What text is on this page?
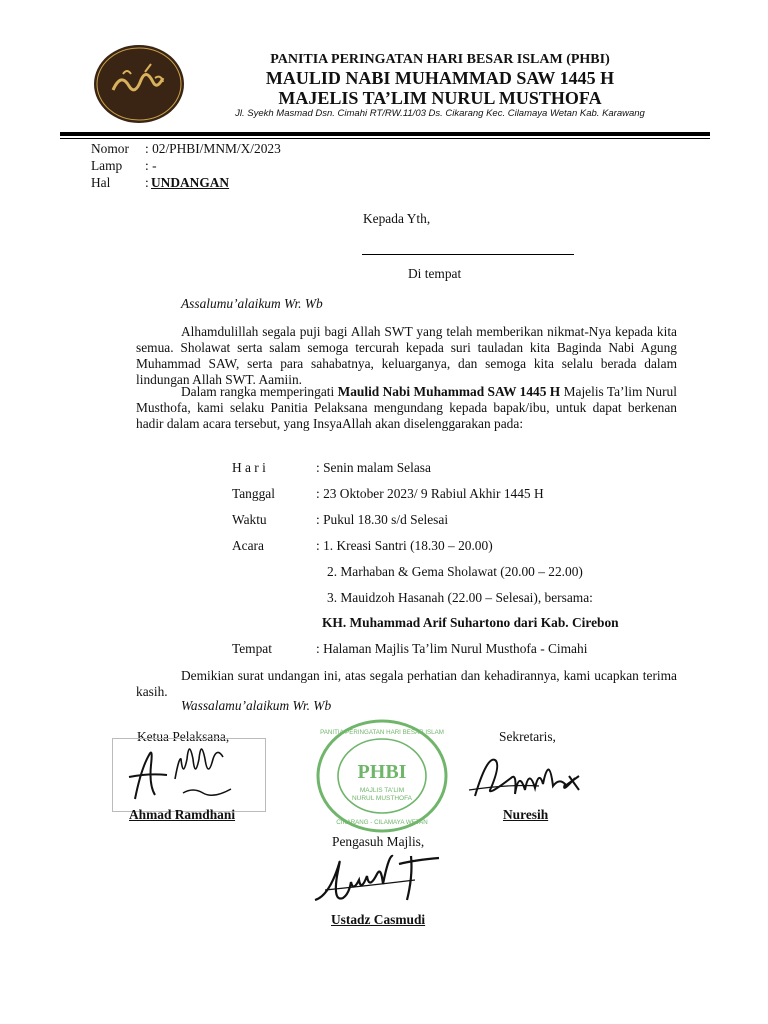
PANITIA PERINGATAN HARI BESAR ISLAM (PHBI)
MAULID NABI MUHAMMAD SAW 1445 H
MAJELIS TA’LIM NURUL MUSTHOFA
Jl. Syekh Masmad Dsn. Cimahi RT/RW.11/03 Ds. Cikarang Kec. Cilamaya Wetan Kab. Karawang
Nomor : 02/PHBI/MNM/X/2023
Lamp : -
Hal	: UNDANGAN
Kepada Yth,
Di tempat
Assalumu’alaikum Wr. Wb
Alhamdulillah segala puji bagi Allah SWT yang telah memberikan nikmat-Nya kepada kita semua. Sholawat serta salam semoga tercurah kepada suri tauladan kita Baginda Nabi Agung Muhammad SAW, serta para sahabatnya, keluarganya, dan semoga kita selalu berada dalam lindungan Allah SWT. Aamiin.
Dalam rangka memperingati Maulid Nabi Muhammad SAW 1445 H Majelis Ta’lim Nurul Musthofa, kami selaku Panitia Pelaksana mengundang kepada bapak/ibu, untuk dapat berkenan hadir dalam acara tersebut, yang InsyaAllah akan diselenggarakan pada:
H a r i	: Senin malam Selasa
Tanggal	: 23 Oktober 2023/ 9 Rabiul Akhir 1445 H
Waktu	: Pukul 18.30 s/d Selesai
Acara	: 1. Kreasi Santri (18.30 – 20.00)
2. Marhaban & Gema Sholawat (20.00 – 22.00)
3. Mauidzoh Hasanah (22.00 – Selesai), bersama:
KH. Muhammad Arif Suhartono dari Kab. Cirebon
Tempat	: Halaman Majlis Ta’lim Nurul Musthofa - Cimahi
Demikian surat undangan ini, atas segala perhatian dan kehadirannya, kami ucapkan terima kasih.
Wassalamu’alaikum Wr. Wb
Ketua Pelaksana,
Ahmad Ramdhani
PHBI
MAJLIS TA'LIM
NURUL MUSTHOFA
PANITIA PERINGATAN HARI BESAR ISLAM
CIKARANG - CILAMAYA WETAN
Sekretaris,
Nuresih
Pengasuh Majlis,
Ustadz Casmudi
